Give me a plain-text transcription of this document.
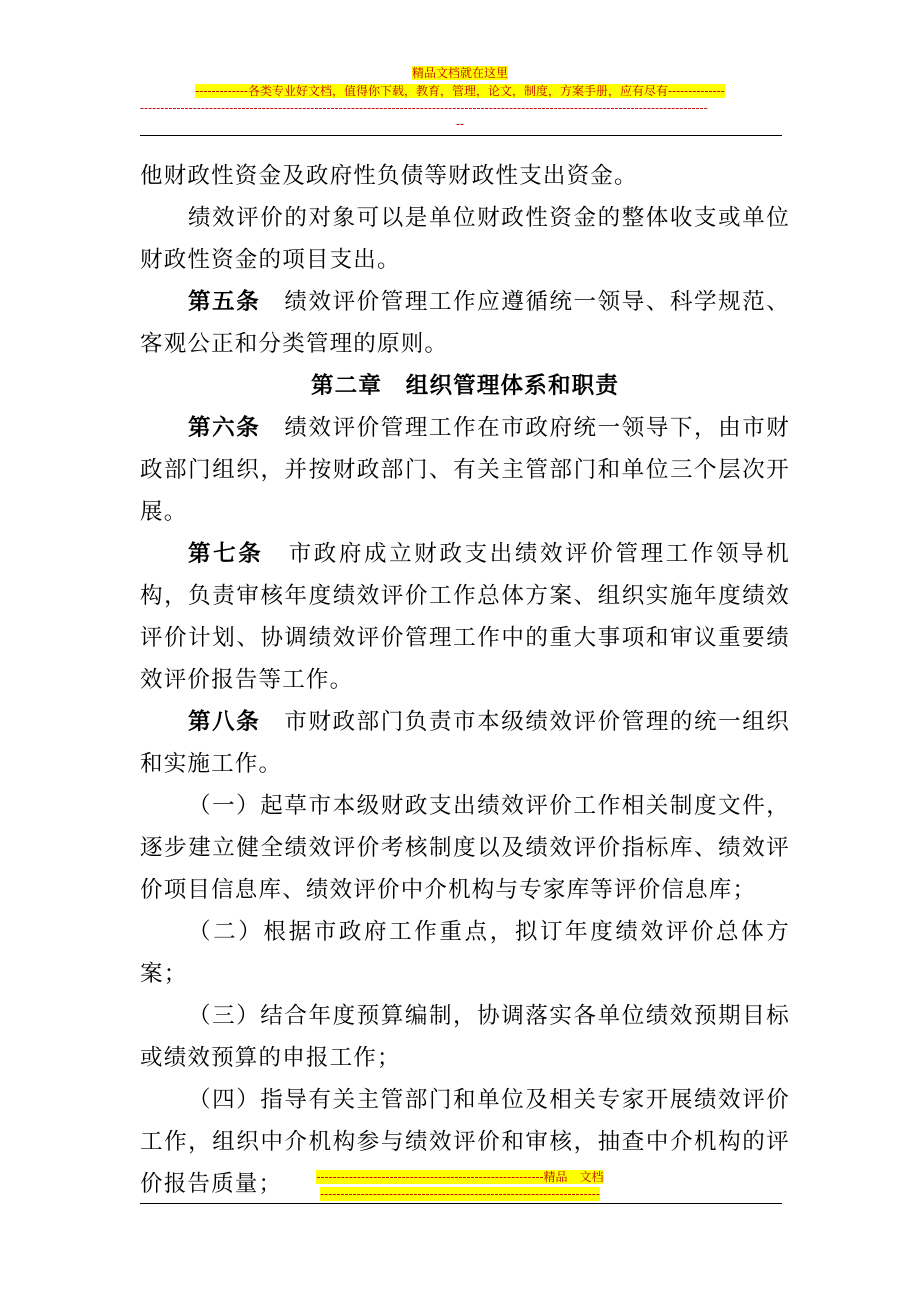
精品文档就在这里
-------------各类专业好文档，值得你下载，教育，管理，论文，制度，方案手册，应有尽有--------------
--------------------------------------------------------------------------------------------------------------------------------------------
--

他财政性资金及政府性负债等财政性支出资金。

绩效评价的对象可以是单位财政性资金的整体收支或单位财政性资金的项目支出。

第五条　绩效评价管理工作应遵循统一领导、科学规范、客观公正和分类管理的原则。

第二章　组织管理体系和职责

第六条　绩效评价管理工作在市政府统一领导下，由市财政部门组织，并按财政部门、有关主管部门和单位三个层次开展。

第七条　市政府成立财政支出绩效评价管理工作领导机构，负责审核年度绩效评价工作总体方案、组织实施年度绩效评价计划、协调绩效评价管理工作中的重大事项和审议重要绩效评价报告等工作。

第八条　市财政部门负责市本级绩效评价管理的统一组织和实施工作。

（一）起草市本级财政支出绩效评价工作相关制度文件，逐步建立健全绩效评价考核制度以及绩效评价指标库、绩效评价项目信息库、绩效评价中介机构与专家库等评价信息库；

（二）根据市政府工作重点，拟订年度绩效评价总体方案；

（三）结合年度预算编制，协调落实各单位绩效预期目标或绩效预算的申报工作；

（四）指导有关主管部门和单位及相关专家开展绩效评价工作，组织中介机构参与绩效评价和审核，抽查中介机构的评价报告质量；	--------------------------------------------------------精品　文档
---------------------------------------------------------------------
